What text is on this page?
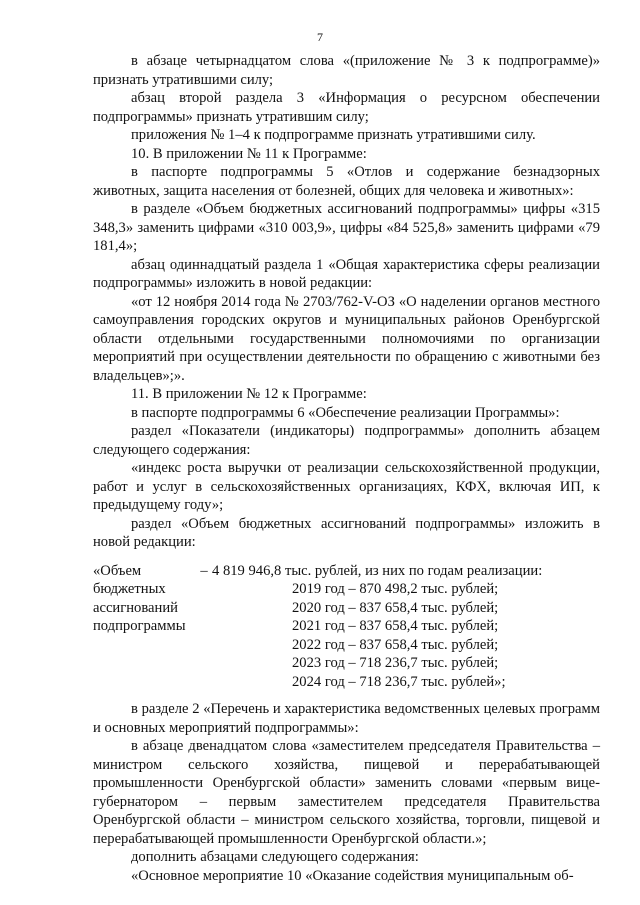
7

в абзаце четырнадцатом слова «(приложение № 3 к подпрограмме)» признать утратившими силу;

абзац второй раздела 3 «Информация о ресурсном обеспечении подпрограммы» признать утратившим силу;

приложения № 1–4 к подпрограмме признать утратившими силу.

10. В приложении № 11 к Программе:

в паспорте подпрограммы 5 «Отлов и содержание безнадзорных животных, защита населения от болезней, общих для человека и животных»:

в разделе «Объем бюджетных ассигнований подпрограммы» цифры «315 348,3» заменить цифрами «310 003,9», цифры «84 525,8» заменить цифрами «79 181,4»;

абзац одиннадцатый раздела 1 «Общая характеристика сферы реализации подпрограммы» изложить в новой редакции:

«от 12 ноября 2014 года № 2703/762-V-ОЗ «О наделении органов местного самоуправления городских округов и муниципальных районов Оренбургской области отдельными государственными полномочиями по организации мероприятий при осуществлении деятельности по обращению с животными без владельцев»;».

11. В приложении № 12 к Программе:

в паспорте подпрограммы 6 «Обеспечение реализации Программы»:

раздел «Показатели (индикаторы) подпрограммы» дополнить абзацем следующего содержания:

«индекс роста выручки от реализации сельскохозяйственной продукции, работ и услуг в сельскохозяйственных организациях, КФХ, включая ИП, к предыдущему году»;

раздел «Объем бюджетных ассигнований подпрограммы» изложить в новой редакции:

«Объем бюджетных
ассигнований
подпрограммы
– 4 819 946,8 тыс. рублей, из них по годам реализации:
2019 год – 870 498,2 тыс. рублей;
2020 год – 837 658,4 тыс. рублей;
2021 год – 837 658,4 тыс. рублей;
2022 год – 837 658,4 тыс. рублей;
2023 год – 718 236,7 тыс. рублей;
2024 год – 718 236,7 тыс. рублей»;

в разделе 2 «Перечень и характеристика ведомственных целевых программ и основных мероприятий подпрограммы»:

в абзаце двенадцатом слова «заместителем председателя Правительства – министром сельского хозяйства, пищевой и перерабатывающей промышленности Оренбургской области» заменить словами «первым вице-губернатором – первым заместителем председателя Правительства Оренбургской области – министром сельского хозяйства, торговли, пищевой и перерабатывающей промышленности Оренбургской области.»;

дополнить абзацами следующего содержания:

«Основное мероприятие 10 «Оказание содействия муниципальным об-
